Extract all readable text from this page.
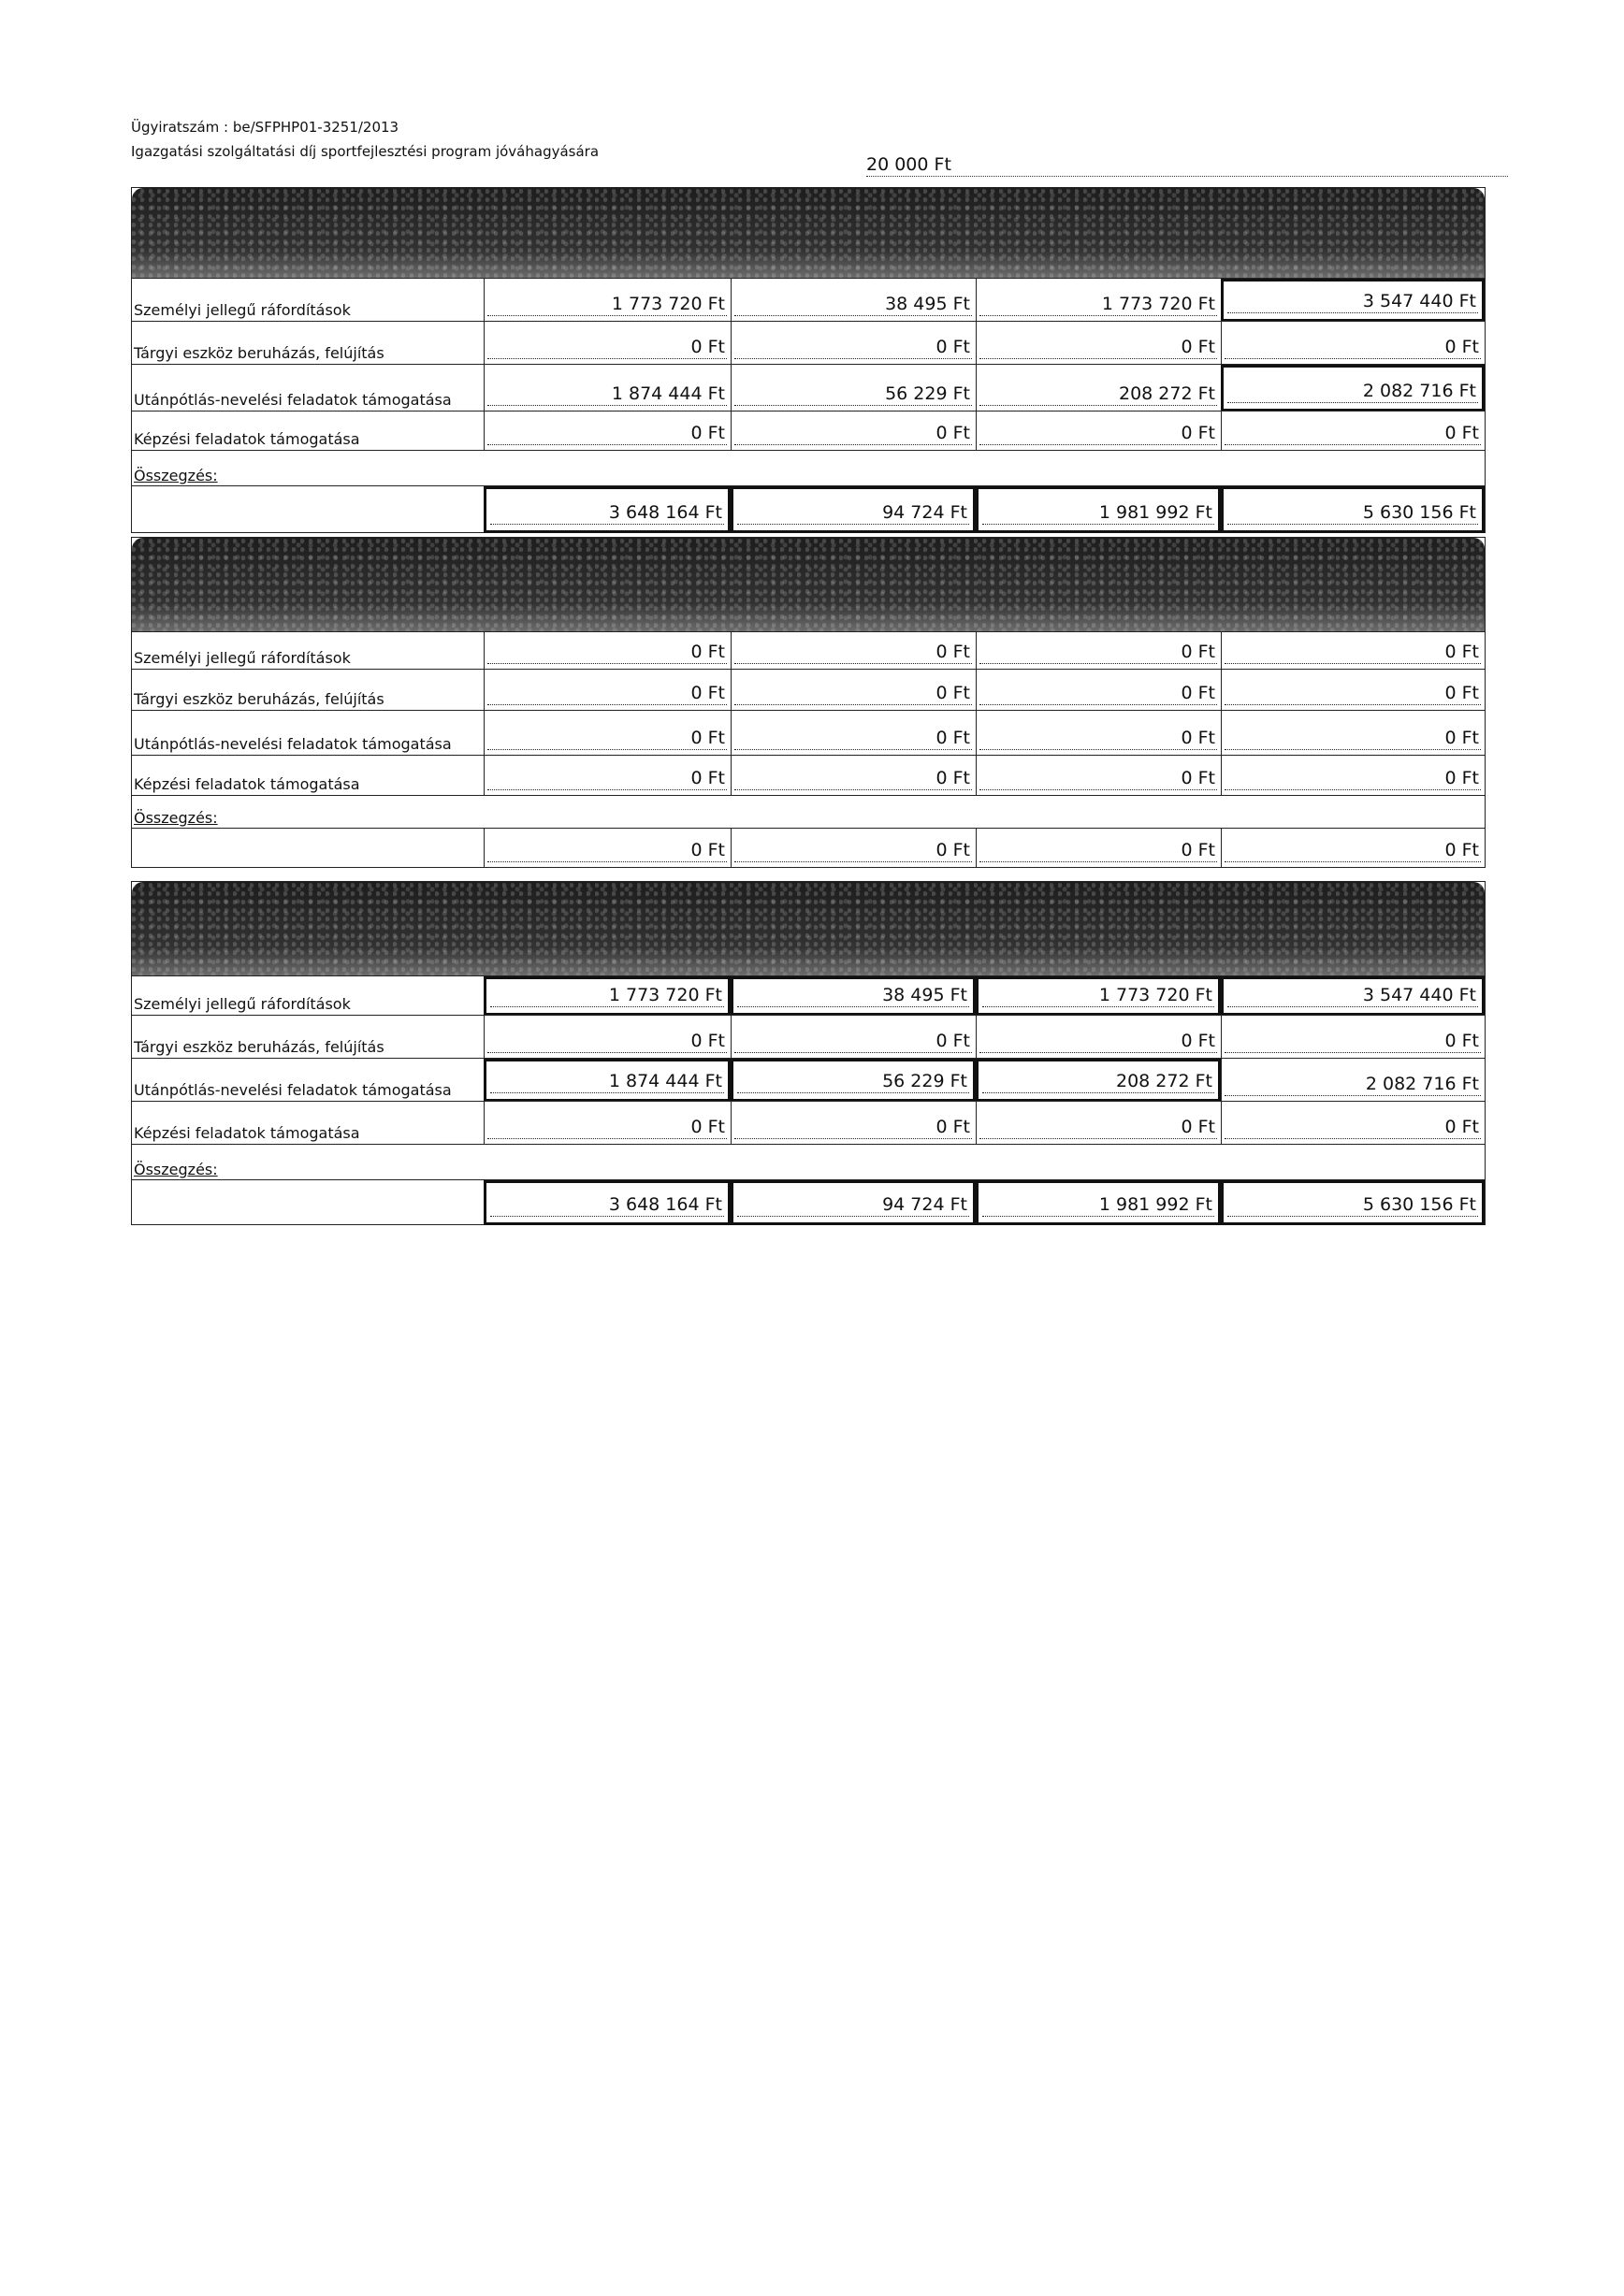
Ügyiratszám : be/SFPHP01-3251/2013
Igazgatási szolgáltatási díj sportfejlesztési program jóváhagyására
20 000 Ft
Személyi jellegű ráfordítások	1 773 720 Ft	38 495 Ft	1 773 720 Ft	3 547 440 Ft
Tárgyi eszköz beruházás, felújítás	0 Ft	0 Ft	0 Ft	0 Ft
Utánpótlás-nevelési feladatok támogatása	1 874 444 Ft	56 229 Ft	208 272 Ft	2 082 716 Ft
Képzési feladatok támogatása	0 Ft	0 Ft	0 Ft	0 Ft
Összegzés:
3 648 164 Ft	94 724 Ft	1 981 992 Ft	5 630 156 Ft
Személyi jellegű ráfordítások	0 Ft	0 Ft	0 Ft	0 Ft
Tárgyi eszköz beruházás, felújítás	0 Ft	0 Ft	0 Ft	0 Ft
Utánpótlás-nevelési feladatok támogatása	0 Ft	0 Ft	0 Ft	0 Ft
Képzési feladatok támogatása	0 Ft	0 Ft	0 Ft	0 Ft
Összegzés:
0 Ft	0 Ft	0 Ft	0 Ft
Személyi jellegű ráfordítások	1 773 720 Ft	38 495 Ft	1 773 720 Ft	3 547 440 Ft
Tárgyi eszköz beruházás, felújítás	0 Ft	0 Ft	0 Ft	0 Ft
Utánpótlás-nevelési feladatok támogatása	1 874 444 Ft	56 229 Ft	208 272 Ft	2 082 716 Ft
Képzési feladatok támogatása	0 Ft	0 Ft	0 Ft	0 Ft
Összegzés:
3 648 164 Ft	94 724 Ft	1 981 992 Ft	5 630 156 Ft
